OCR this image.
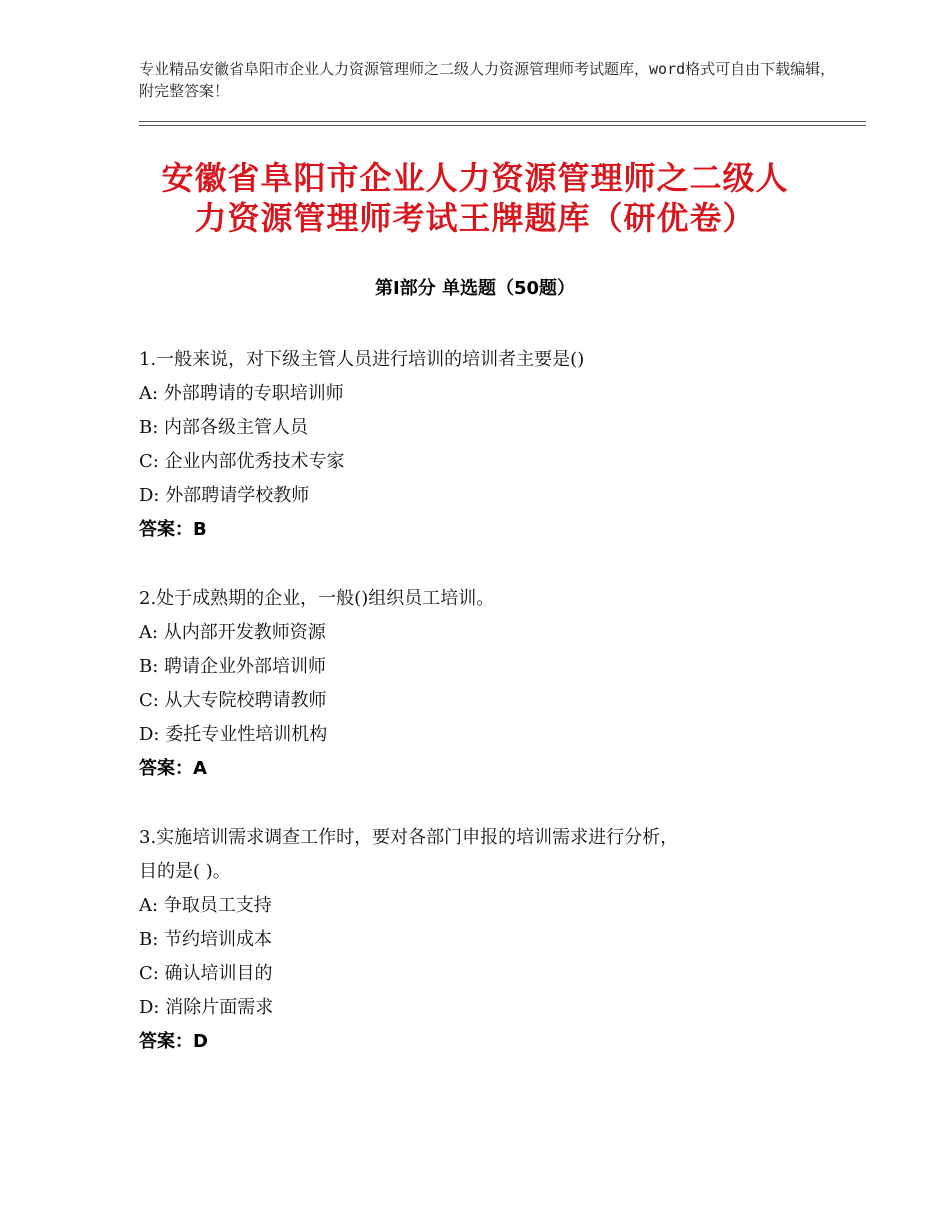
专业精品安徽省阜阳市企业人力资源管理师之二级人力资源管理师考试题库，word格式可自由下载编辑，附完整答案！
安徽省阜阳市企业人力资源管理师之二级人
力资源管理师考试王牌题库（研优卷）
第Ⅰ部分 单选题（50题）
1.一般来说，对下级主管人员进行培训的培训者主要是()
A: 外部聘请的专职培训师
B: 内部各级主管人员
C: 企业内部优秀技术专家
D: 外部聘请学校教师
答案：B
2.处于成熟期的企业，一般()组织员工培训。
A: 从内部开发教师资源
B: 聘请企业外部培训师
C: 从大专院校聘请教师
D: 委托专业性培训机构
答案：A
3.实施培训需求调查工作时，要对各部门申报的培训需求进行分析，
目的是( )。
A: 争取员工支持
B: 节约培训成本
C: 确认培训目的
D: 消除片面需求
答案：D
